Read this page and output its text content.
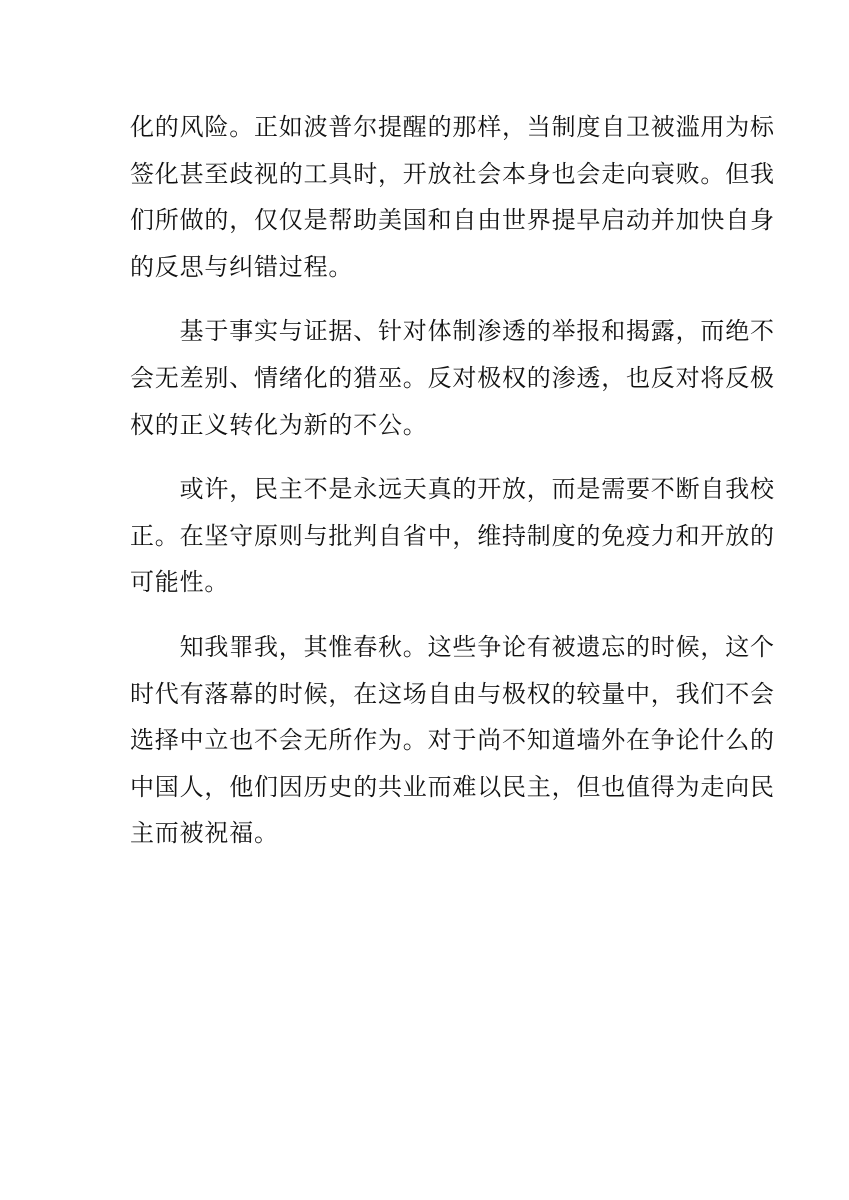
化的风险。正如波普尔提醒的那样，当制度自卫被滥用为标
签化甚至歧视的工具时，开放社会本身也会走向衰败。但我
们所做的，仅仅是帮助美国和自由世界提早启动并加快自身
的反思与纠错过程。

　　基于事实与证据、针对体制渗透的举报和揭露，而绝不
会无差别、情绪化的猎巫。反对极权的渗透，也反对将反极
权的正义转化为新的不公。

　　或许，民主不是永远天真的开放，而是需要不断自我校
正。在坚守原则与批判自省中，维持制度的免疫力和开放的
可能性。

　　知我罪我，其惟春秋。这些争论有被遗忘的时候，这个
时代有落幕的时候，在这场自由与极权的较量中，我们不会
选择中立也不会无所作为。对于尚不知道墙外在争论什么的
中国人，他们因历史的共业而难以民主，但也值得为走向民
主而被祝福。
